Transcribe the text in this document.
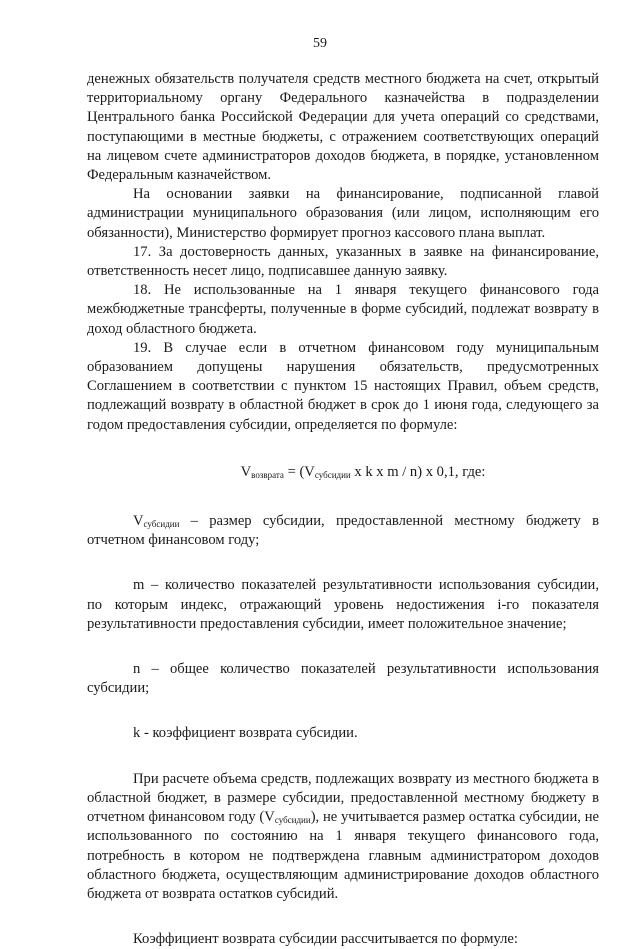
59

денежных обязательств получателя средств местного бюджета на счет, открытый территориальному органу Федерального казначейства в подразделении Центрального банка Российской Федерации для учета операций со средствами, поступающими в местные бюджеты, с отражением соответствующих операций на лицевом счете администраторов доходов бюджета, в порядке, установленном Федеральным казначейством.

На основании заявки на финансирование, подписанной главой администрации муниципального образования (или лицом, исполняющим его обязанности), Министерство формирует прогноз кассового плана выплат.

17. За достоверность данных, указанных в заявке на финансирование, ответственность несет лицо, подписавшее данную заявку.

18. Не использованные на 1 января текущего финансового года межбюджетные трансферты, полученные в форме субсидий, подлежат возврату в доход областного бюджета.

19. В случае если в отчетном финансовом году муниципальным образованием допущены нарушения обязательств, предусмотренных Соглашением в соответствии с пунктом 15 настоящих Правил, объем средств, подлежащий возврату в областной бюджет в срок до 1 июня года, следующего за годом предоставления субсидии, определяется по формуле:

$V_{возврата} = (V_{субсидии}$ x k x m / n) x 0,1, где:

$V_{субсидии}$ – размер субсидии, предоставленной местному бюджету в отчетном финансовом году;

m – количество показателей результативности использования субсидии, по которым индекс, отражающий уровень недостижения i-го показателя результативности предоставления субсидии, имеет положительное значение;

n – общее количество показателей результативности использования субсидии;

k - коэффициент возврата субсидии.

При расчете объема средств, подлежащих возврату из местного бюджета в областной бюджет, в размере субсидии, предоставленной местному бюджету в отчетном финансовом году $(V_{субсидии})$, не учитывается размер остатка субсидии, не использованного по состоянию на 1 января текущего финансового года, потребность в котором не подтверждена главным администратором доходов областного бюджета, осуществляющим администрирование доходов областного бюджета от возврата остатков субсидий.

Коэффициент возврата субсидии рассчитывается по формуле:
